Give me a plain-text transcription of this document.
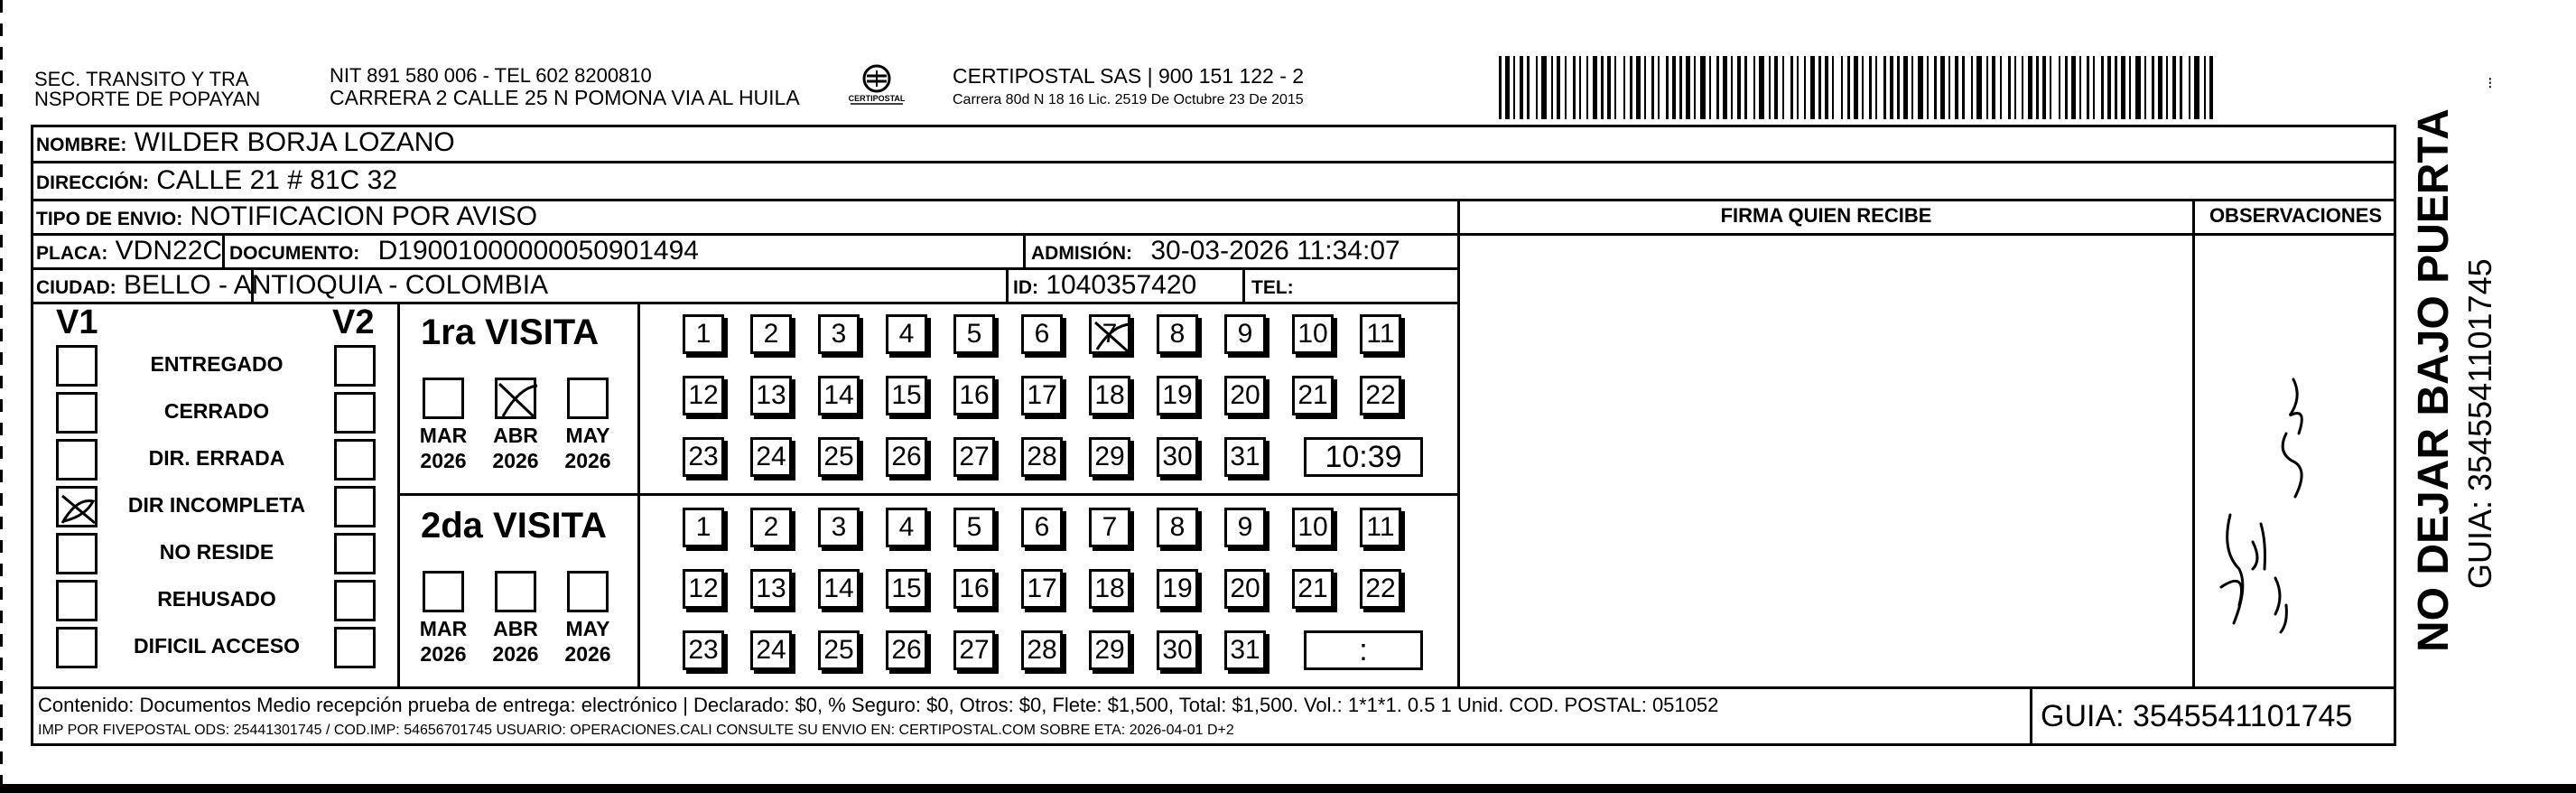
SEC. TRANSITO Y TRA
NSPORTE DE POPAYAN
NIT 891 580 006 - TEL 602 8200810
CARRERA 2 CALLE 25 N POMONA VIA AL HUILA	CERTIPOSTAL
CERTIPOSTAL SAS | 900 151 122 - 2
Carrera 80d N 18 16 Lic. 2519 De Octubre 23 De 2015
⁝
NOMBRE: WILDER BORJA LOZANO
DIRECCIÓN: CALLE 21 # 81C 32
TIPO DE ENVIO: NOTIFICACION POR AVISO
PLACA: VDN22C DOCUMENTO: D19001000000050901494	ADMISIÓN: 30-03-2026 11:34:07
CIUDAD: BELLO - ANTIOQUIA - COLOMBIA	ID: 1040357420	TEL:
FIRMA QUIEN RECIBE	OBSERVACIONES
V1	V2
ENTREGADO
CERRADO
DIR. ERRADA
DIR INCOMPLETA
NO RESIDE
REHUSADO
DIFICIL ACCESO
1ra VISITA
MAR
2026
ABR
2026
MAY
2026
1	2	3	4	5	6	7	8	9	10 11
12 13 14 15 16 17 18 19 20 21 22
23 24 25 26 27 28 29 30 31	10:39
2da VISITA
MAR
2026
ABR
2026
MAY
2026
1	2	3	4	5	6	7	8	9	10 11
12 13 14 15 16 17 18 19 20 21 22
23 24 25 26 27 28 29 30 31	:
Contenido: Documentos Medio recepción prueba de entrega: electrónico | Declarado: $0, % Seguro: $0, Otros: $0, Flete: $1,500, Total: $1,500. Vol.: 1*1*1. 0.5 1 Unid. COD. POSTAL: 051052
IMP POR FIVEPOSTAL ODS: 25441301745 / COD.IMP: 54656701745 USUARIO: OPERACIONES.CALI CONSULTE SU ENVIO EN: CERTIPOSTAL.COM SOBRE ETA: 2026-04-01 D+2	GUIA: 3545541101745
NO DEJAR BAJO PUERTA GUIA: 3545541101745
